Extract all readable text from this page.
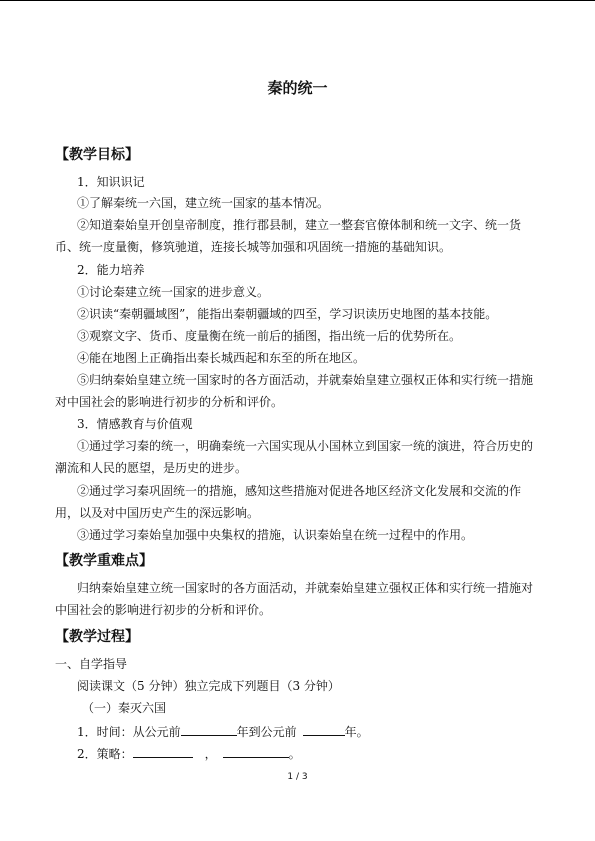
秦的统一
【教学目标】
1．知识识记
①了解秦统一六国，建立统一国家的基本情况。
②知道秦始皇开创皇帝制度，推行郡县制，建立一整套官僚体制和统一文字、统一货
币、统一度量衡，修筑驰道，连接长城等加强和巩固统一措施的基础知识。
2．能力培养
①讨论秦建立统一国家的进步意义。
②识读“秦朝疆域图”，能指出秦朝疆域的四至，学习识读历史地图的基本技能。
③观察文字、货币、度量衡在统一前后的插图，指出统一后的优势所在。
④能在地图上正确指出秦长城西起和东至的所在地区。
⑤归纳秦始皇建立统一国家时的各方面活动，并就秦始皇建立强权正体和实行统一措施
对中国社会的影响进行初步的分析和评价。
3．情感教育与价值观
①通过学习秦的统一，明确秦统一六国实现从小国林立到国家一统的演进，符合历史的
潮流和人民的愿望，是历史的进步。
②通过学习秦巩固统一的措施，感知这些措施对促进各地区经济文化发展和交流的作
用，以及对中国历史产生的深远影响。
③通过学习秦始皇加强中央集权的措施，认识秦始皇在统一过程中的作用。
【教学重难点】
归纳秦始皇建立统一国家时的各方面活动，并就秦始皇建立强权正体和实行统一措施对
中国社会的影响进行初步的分析和评价。
【教学过程】
一、自学指导
阅读课文（5 分钟）独立完成下列题目（3 分钟）
（一）秦灭六国
1．时间：从公元前	年到公元前	年。
2．策略：	，	。
1 / 3
